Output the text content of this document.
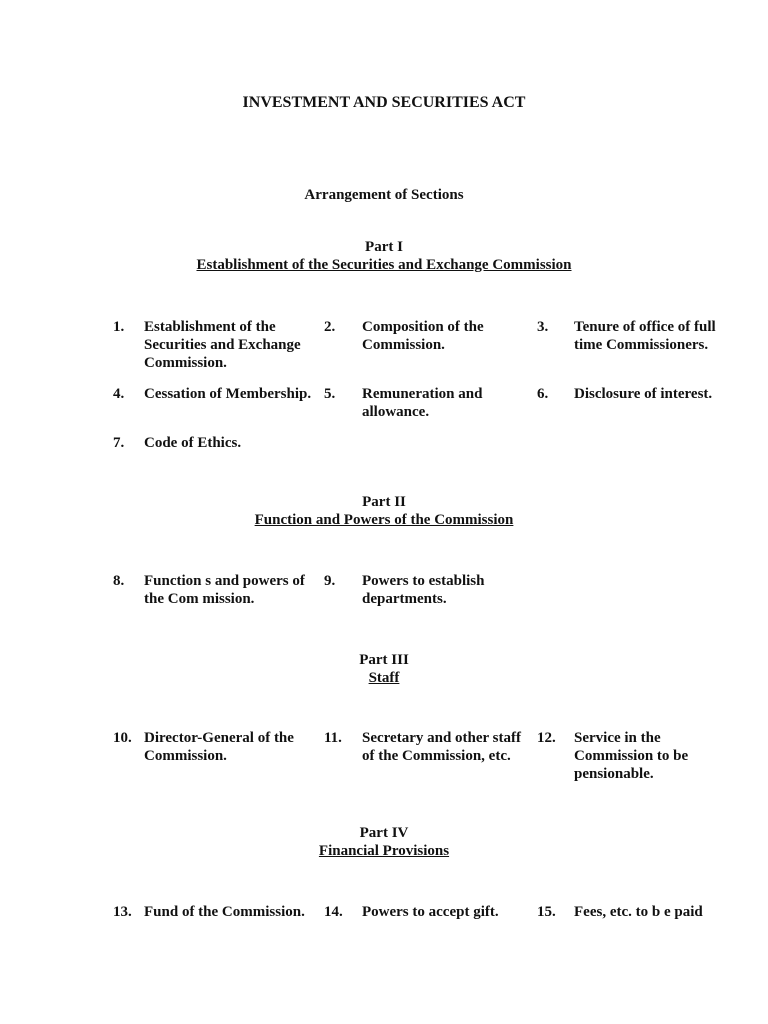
INVESTMENT AND SECURITIES ACT
Arrangement of Sections
Part I
Establishment of the Securities and Exchange Commission
1. Establishment of the Securities and Exchange Commission.
2. Composition of the Commission.
3. Tenure of office of full time Commissioners.
4. Cessation of Membership. 5. Remuneration and allowance.
6. Disclosure of interest.
7. Code of Ethics.
Part II
Function and Powers of the Commission
8. Function s and powers of the Com mission.
9. Powers to establish departments.
Part III
Staff
10. Director-General of the Commission.
11. Secretary and other staff of the Commission, etc.
12. Service in the Commission to be pensionable.
Part IV
Financial Provisions
13. Fund of the Commission.	14. Powers to accept gift.	15. Fees, etc. to b e paid
